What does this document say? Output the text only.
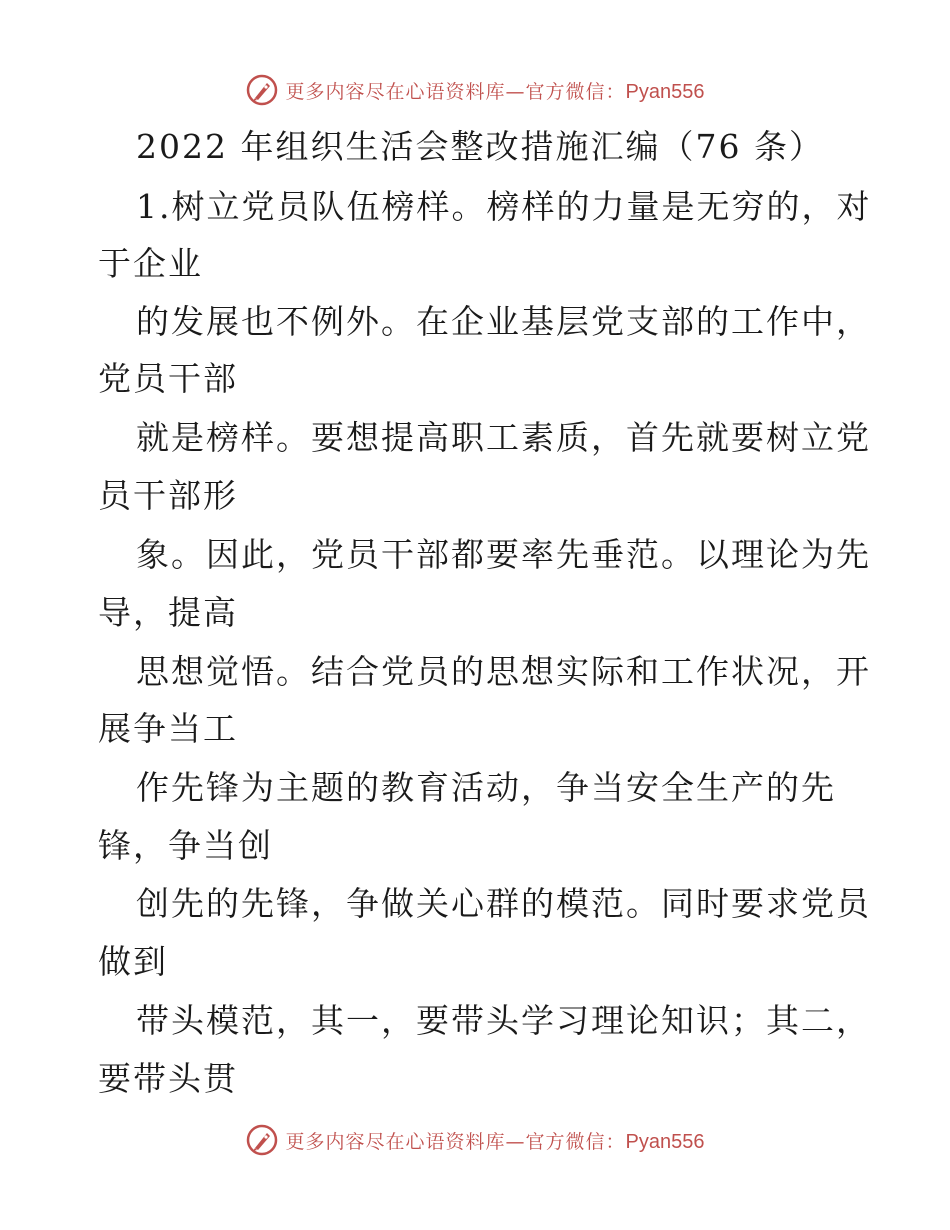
更多内容尽在心语资料库—官方微信：Pyan556
2022 年组织生活会整改措施汇编（76 条）
1.树立党员队伍榜样。榜样的力量是无穷的，对
于企业
的发展也不例外。在企业基层党支部的工作中，
党员干部
就是榜样。要想提高职工素质，首先就要树立党
员干部形
象。因此，党员干部都要率先垂范。以理论为先
导，提高
思想觉悟。结合党员的思想实际和工作状况，开
展争当工
作先锋为主题的教育活动，争当安全生产的先
锋，争当创
创先的先锋，争做关心群的模范。同时要求党员
做到
带头模范，其一，要带头学习理论知识；其二，
要带头贯
更多内容尽在心语资料库—官方微信：Pyan556
